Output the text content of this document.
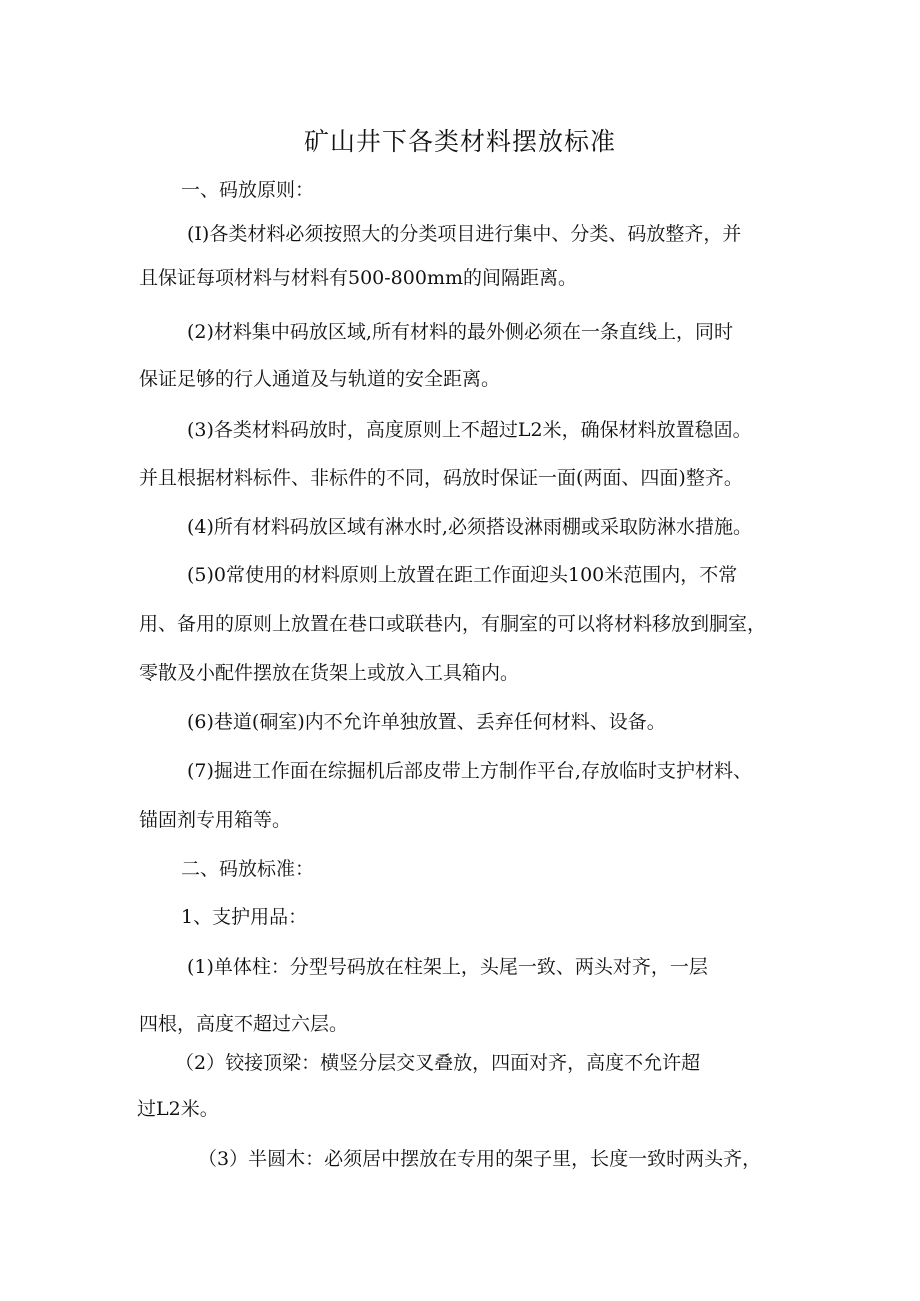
矿山井下各类材料摆放标准
一、码放原则：
(I)各类材料必须按照大的分类项目进行集中、分类、码放整齐，并
且保证每项材料与材料有500-800mm的间隔距离。
(2)材料集中码放区域,所有材料的最外侧必须在一条直线上，同时
保证足够的行人通道及与轨道的安全距离。
(3)各类材料码放时，高度原则上不超过L2米，确保材料放置稳固。
并且根据材料标件、非标件的不同，码放时保证一面(两面、四面)整齐。
(4)所有材料码放区域有淋水时,必须搭设淋雨棚或采取防淋水措施。
(5)0常使用的材料原则上放置在距工作面迎头100米范围内，不常
用、备用的原则上放置在巷口或联巷内，有胴室的可以将材料移放到胴室，
零散及小配件摆放在货架上或放入工具箱内。
(6)巷道(硐室)内不允许单独放置、丢弃任何材料、设备。
(7)掘进工作面在综掘机后部皮带上方制作平台,存放临时支护材料、
锚固剂专用箱等。
二、码放标准：
1、支护用品：
(1)单体柱：分型号码放在柱架上，头尾一致、两头对齐，一层
四根，高度不超过六层。
（2）铰接顶梁：横竖分层交叉叠放，四面对齐，高度不允许超
过L2米。
（3）半圆木：必须居中摆放在专用的架子里，长度一致时两头齐，
